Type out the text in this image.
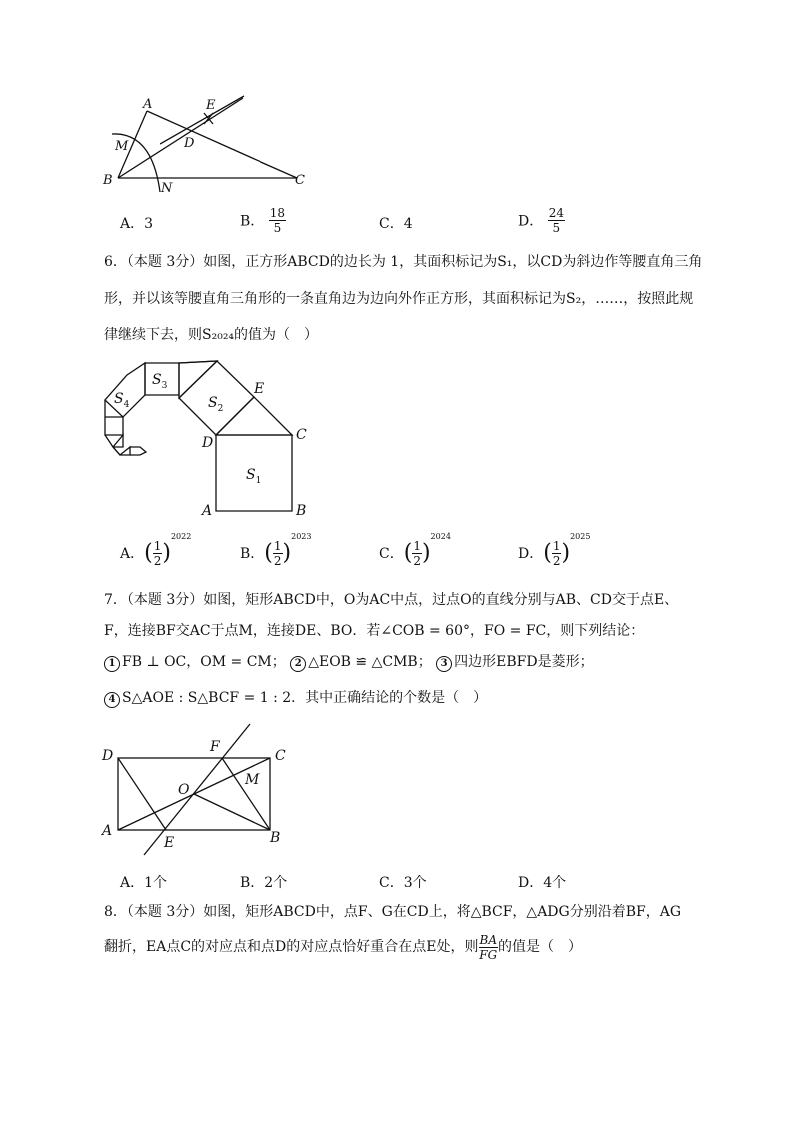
A	E
M	D
B
N
C
A．3	B． $\frac{18}{5}$	C．4	D． $\frac{24}{5}$
6．（本题 3分）如图，正方形ABCD的边长为 1，其面积标记为S₁，以CD为斜边作等腰直角三角
形，并以该等腰直角三角形的一条直角边为边向外作正方形，其面积标记为S₂，……，按照此规
律继续下去，则S₂₀₂₄的值为（　）
$S_1$
$S_2$
$S_3$
$S_4$
A	B
C
D
E
A．( $\frac{1}{2} )^{2022}$
B．( $\frac{1}{2} )^{2023}$
C．( $\frac{1}{2} )^{2024}$
D．( $\frac{1}{2} )^{2025}$
7．（本题 3分）如图，矩形ABCD中，O为AC中点，过点O的直线分别与AB、CD交于点E、
F，连接BF交AC于点M，连接DE、BO．若∠COB = 60°，FO = FC，则下列结论：
1 FB ⊥ OC，OM = CM； 2 △EOB ≌ △CMB； 3 四边形EBFD是菱形；
4 S△AOE : S△BCF = 1 : 2．其中正确结论的个数是（　）
D	C
F
M
O
A
E	B
A．1个	B．2个	C．3个	D．4个
8．（本题 3分）如图，矩形ABCD中，点F、G在CD上，将△BCF，△ADG分别沿着BF，AG
翻折，EA点C的对应点和点D的对应点恰好重合在点E处，则 $\frac{BA}{FG}$ 的值是（　）
